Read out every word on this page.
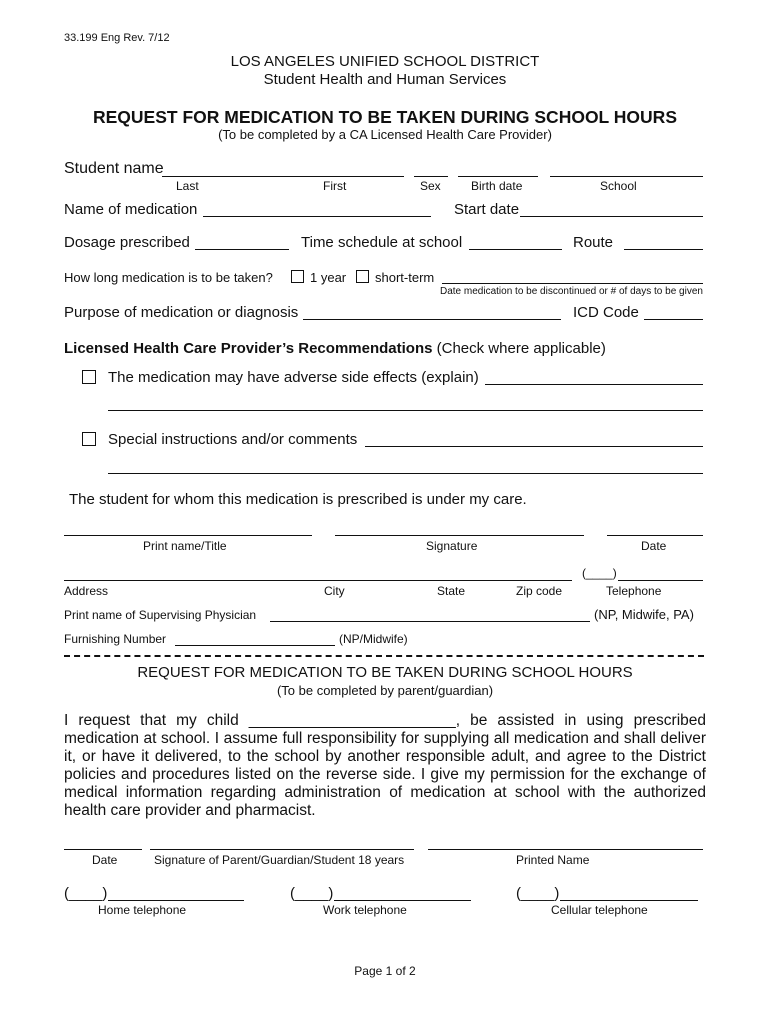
33.199 Eng Rev. 7/12
LOS ANGELES UNIFIED SCHOOL DISTRICT
Student Health and Human Services
REQUEST FOR MEDICATION TO BE TAKEN DURING SCHOOL HOURS
(To be completed by a CA Licensed Health Care Provider)
Student name
Last	First	Sex	Birth date	School
Name of medication	Start date
Dosage prescribed	Time schedule at school	Route
How long medication is to be taken?	1 year short-term
Date medication to be discontinued or # of days to be given
Purpose of medication or diagnosis	ICD Code
Licensed Health Care Provider’s Recommendations (Check where applicable)
The medication may have adverse side effects (explain)
Special instructions and/or comments
The student for whom this medication is prescribed is under my care.
Print name/Title	Signature	Date
(____)
Address	City	State	Zip code	Telephone
Print name of Supervising Physician	(NP, Midwife, PA)
Furnishing Number	(NP/Midwife)
REQUEST FOR MEDICATION TO BE TAKEN DURING SCHOOL HOURS
(To be completed by parent/guardian)
I request that my child ________________________, be assisted in using prescribed medication at school. I assume full responsibility for supplying all medication and shall deliver it, or have it delivered, to the school by another responsible adult, and agree to the District policies and procedures listed on the reverse side. I give my permission for the exchange of medical information regarding administration of medication at school with the authorized health care provider and pharmacist.
Date	Signature of Parent/Guardian/Student 18 years	Printed Name
(____)	(____)	(____)
Home telephone	Work telephone	Cellular telephone
Page 1 of 2
